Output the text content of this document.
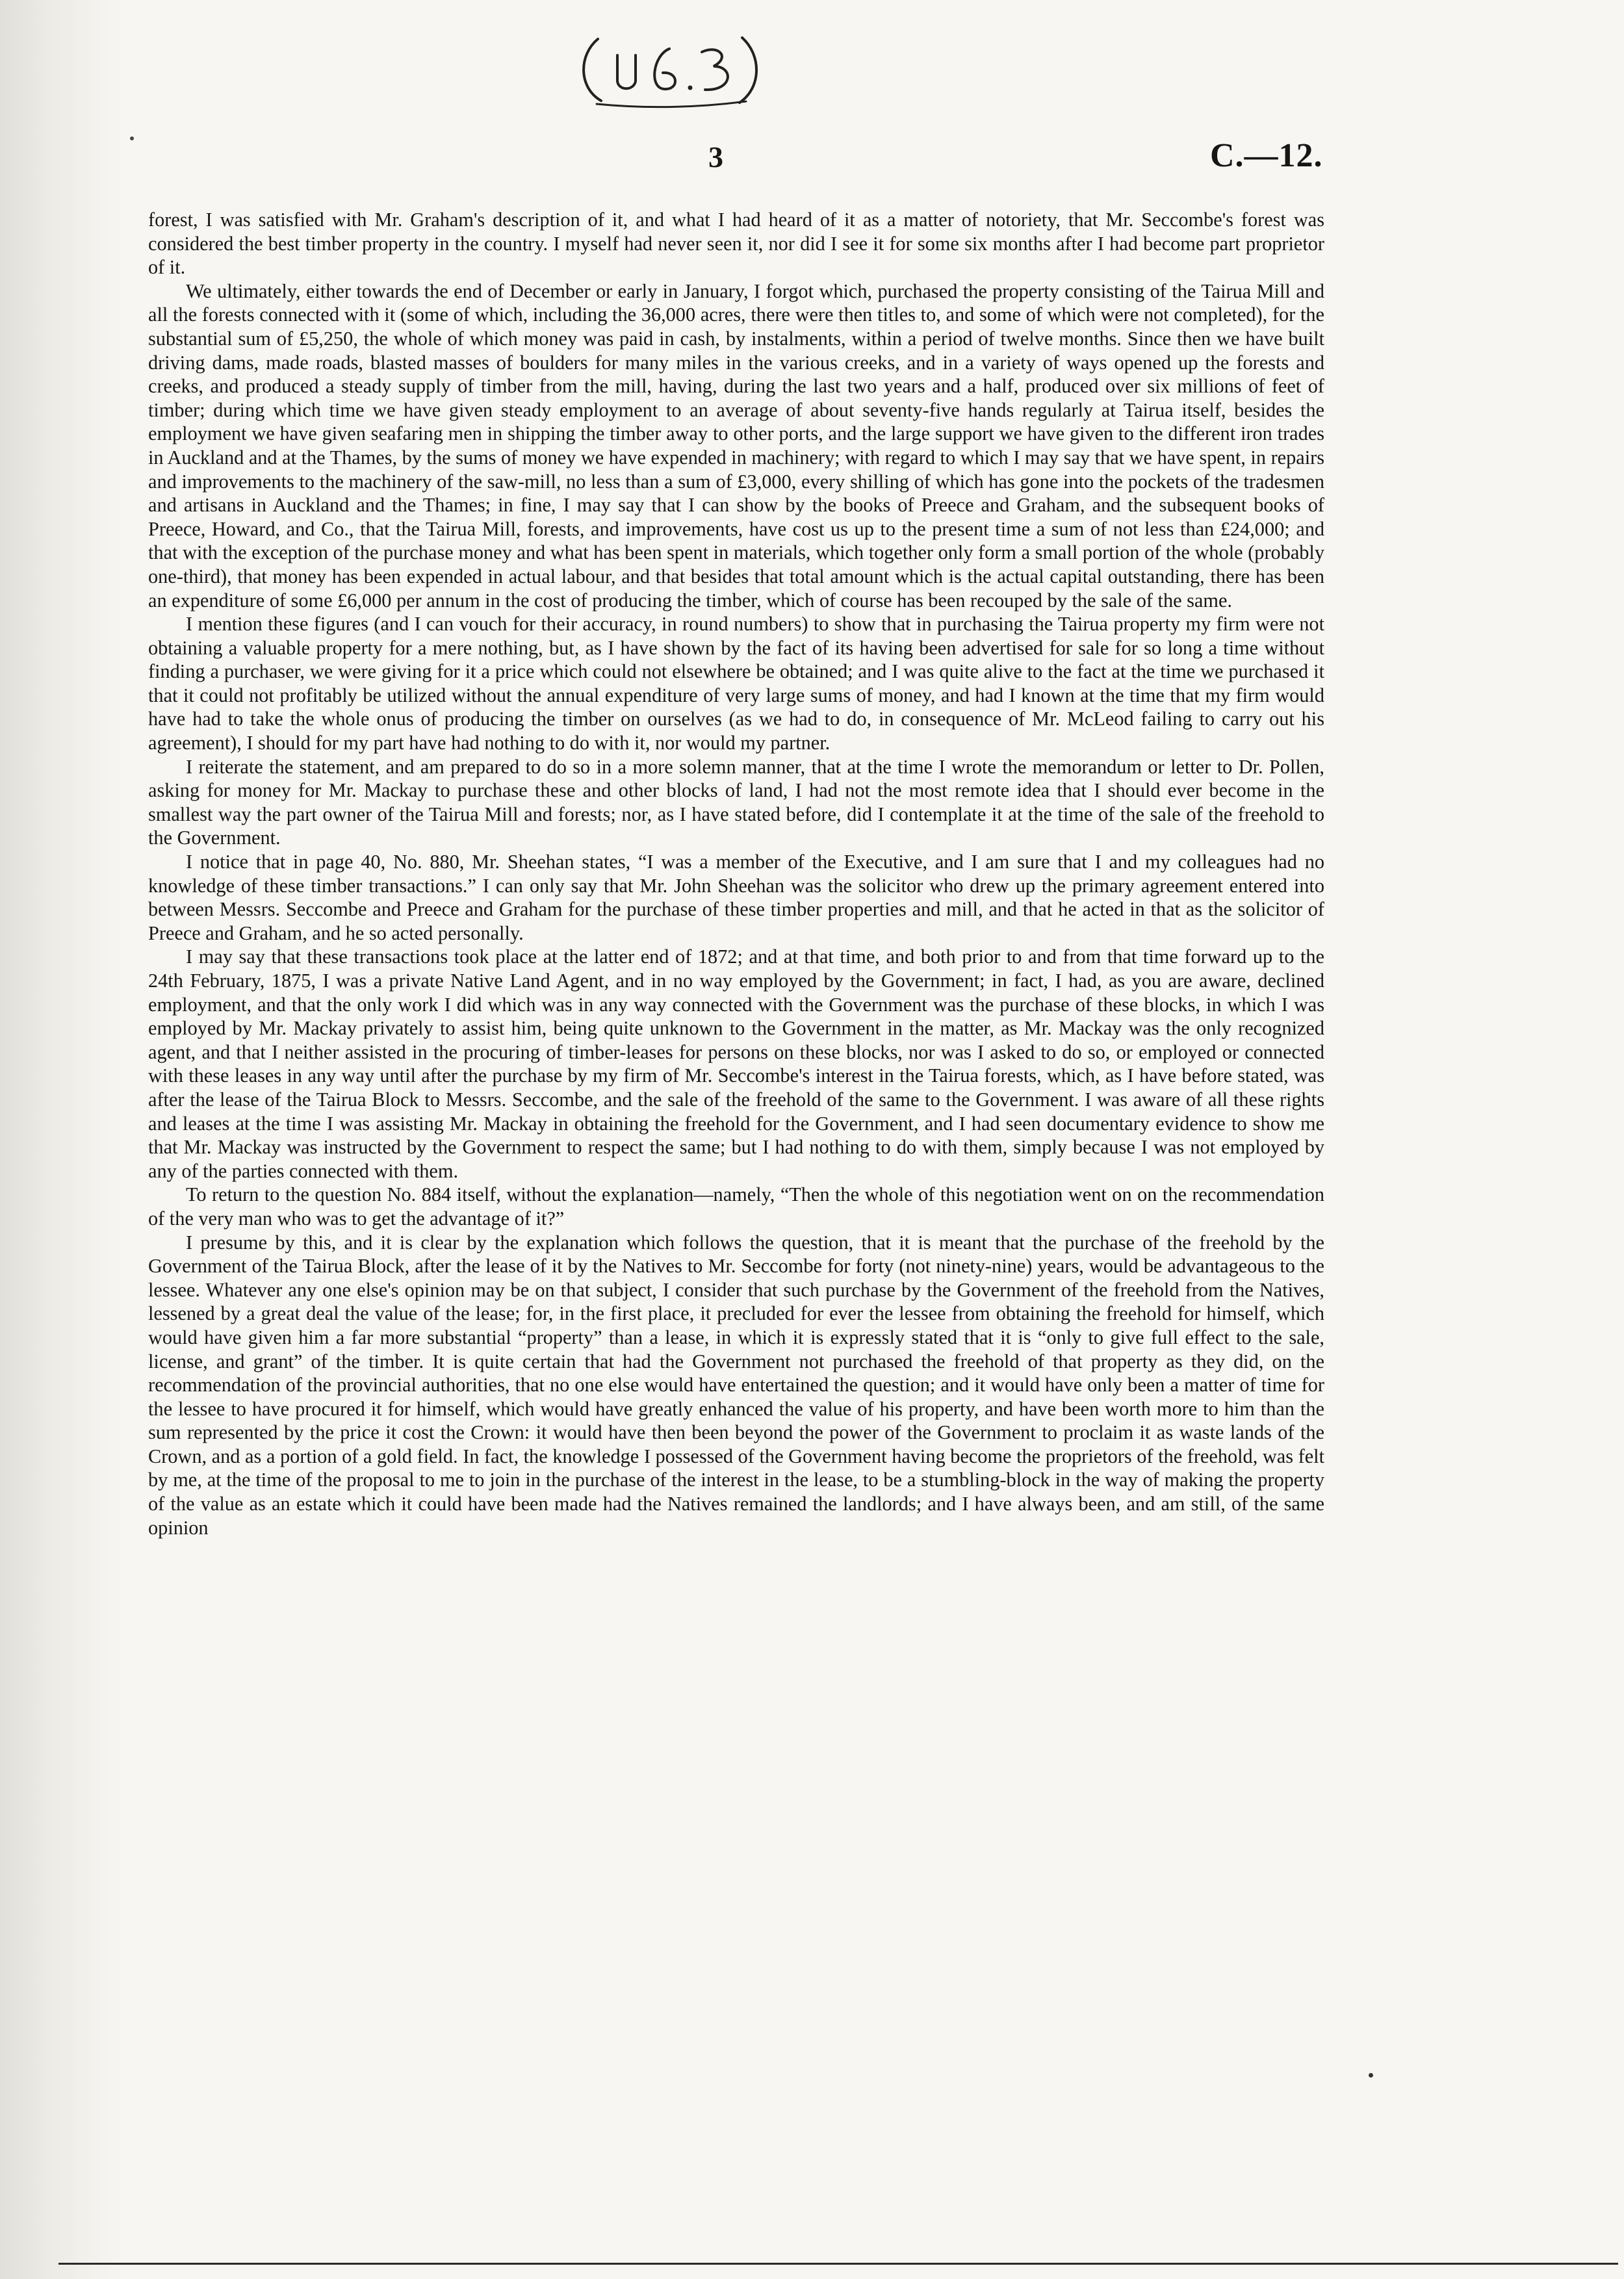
3	C.—12.

forest, I was satisfied with Mr. Graham's description of it, and what I had heard of it as a matter of notoriety, that Mr. Seccombe's forest was considered the best timber property in the country. I myself had never seen it, nor did I see it for some six months after I had become part proprietor of it.

We ultimately, either towards the end of December or early in January, I forgot which, purchased the property consisting of the Tairua Mill and all the forests connected with it (some of which, including the 36,000 acres, there were then titles to, and some of which were not completed), for the substantial sum of £5,250, the whole of which money was paid in cash, by instalments, within a period of twelve months. Since then we have built driving dams, made roads, blasted masses of boulders for many miles in the various creeks, and in a variety of ways opened up the forests and creeks, and produced a steady supply of timber from the mill, having, during the last two years and a half, produced over six millions of feet of timber; during which time we have given steady employment to an average of about seventy-five hands regularly at Tairua itself, besides the employment we have given seafaring men in shipping the timber away to other ports, and the large support we have given to the different iron trades in Auckland and at the Thames, by the sums of money we have expended in machinery; with regard to which I may say that we have spent, in repairs and improvements to the machinery of the saw-mill, no less than a sum of £3,000, every shilling of which has gone into the pockets of the tradesmen and artisans in Auckland and the Thames; in fine, I may say that I can show by the books of Preece and Graham, and the subsequent books of Preece, Howard, and Co., that the Tairua Mill, forests, and improvements, have cost us up to the present time a sum of not less than £24,000; and that with the exception of the purchase money and what has been spent in materials, which together only form a small portion of the whole (probably one-third), that money has been expended in actual labour, and that besides that total amount which is the actual capital outstanding, there has been an expenditure of some £6,000 per annum in the cost of producing the timber, which of course has been recouped by the sale of the same.

I mention these figures (and I can vouch for their accuracy, in round numbers) to show that in purchasing the Tairua property my firm were not obtaining a valuable property for a mere nothing, but, as I have shown by the fact of its having been advertised for sale for so long a time without finding a purchaser, we were giving for it a price which could not elsewhere be obtained; and I was quite alive to the fact at the time we purchased it that it could not profitably be utilized without the annual expenditure of very large sums of money, and had I known at the time that my firm would have had to take the whole onus of producing the timber on ourselves (as we had to do, in consequence of Mr. McLeod failing to carry out his agreement), I should for my part have had nothing to do with it, nor would my partner.

I reiterate the statement, and am prepared to do so in a more solemn manner, that at the time I wrote the memorandum or letter to Dr. Pollen, asking for money for Mr. Mackay to purchase these and other blocks of land, I had not the most remote idea that I should ever become in the smallest way the part owner of the Tairua Mill and forests; nor, as I have stated before, did I contemplate it at the time of the sale of the freehold to the Government.

I notice that in page 40, No. 880, Mr. Sheehan states, “I was a member of the Executive, and I am sure that I and my colleagues had no knowledge of these timber transactions.” I can only say that Mr. John Sheehan was the solicitor who drew up the primary agreement entered into between Messrs. Seccombe and Preece and Graham for the purchase of these timber properties and mill, and that he acted in that as the solicitor of Preece and Graham, and he so acted personally.

I may say that these transactions took place at the latter end of 1872; and at that time, and both prior to and from that time forward up to the 24th February, 1875, I was a private Native Land Agent, and in no way employed by the Government; in fact, I had, as you are aware, declined employment, and that the only work I did which was in any way connected with the Government was the purchase of these blocks, in which I was employed by Mr. Mackay privately to assist him, being quite unknown to the Government in the matter, as Mr. Mackay was the only recognized agent, and that I neither assisted in the procuring of timber-leases for persons on these blocks, nor was I asked to do so, or employed or connected with these leases in any way until after the purchase by my firm of Mr. Seccombe's interest in the Tairua forests, which, as I have before stated, was after the lease of the Tairua Block to Messrs. Seccombe, and the sale of the freehold of the same to the Government. I was aware of all these rights and leases at the time I was assisting Mr. Mackay in obtaining the freehold for the Government, and I had seen documentary evidence to show me that Mr. Mackay was instructed by the Government to respect the same; but I had nothing to do with them, simply because I was not employed by any of the parties connected with them.

To return to the question No. 884 itself, without the explanation—namely, “Then the whole of this negotiation went on on the recommendation of the very man who was to get the advantage of it?”

I presume by this, and it is clear by the explanation which follows the question, that it is meant that the purchase of the freehold by the Government of the Tairua Block, after the lease of it by the Natives to Mr. Seccombe for forty (not ninety-nine) years, would be advantageous to the lessee. Whatever any one else's opinion may be on that subject, I consider that such purchase by the Government of the freehold from the Natives, lessened by a great deal the value of the lease; for, in the first place, it precluded for ever the lessee from obtaining the freehold for himself, which would have given him a far more substantial “property” than a lease, in which it is expressly stated that it is “only to give full effect to the sale, license, and grant” of the timber. It is quite certain that had the Government not purchased the freehold of that property as they did, on the recommendation of the provincial authorities, that no one else would have entertained the question; and it would have only been a matter of time for the lessee to have procured it for himself, which would have greatly enhanced the value of his property, and have been worth more to him than the sum represented by the price it cost the Crown: it would have then been beyond the power of the Government to proclaim it as waste lands of the Crown, and as a portion of a gold field. In fact, the knowledge I possessed of the Government having become the proprietors of the freehold, was felt by me, at the time of the proposal to me to join in the purchase of the interest in the lease, to be a stumbling-block in the way of making the property of the value as an estate which it could have been made had the Natives remained the landlords; and I have always been, and am still, of the same opinion
